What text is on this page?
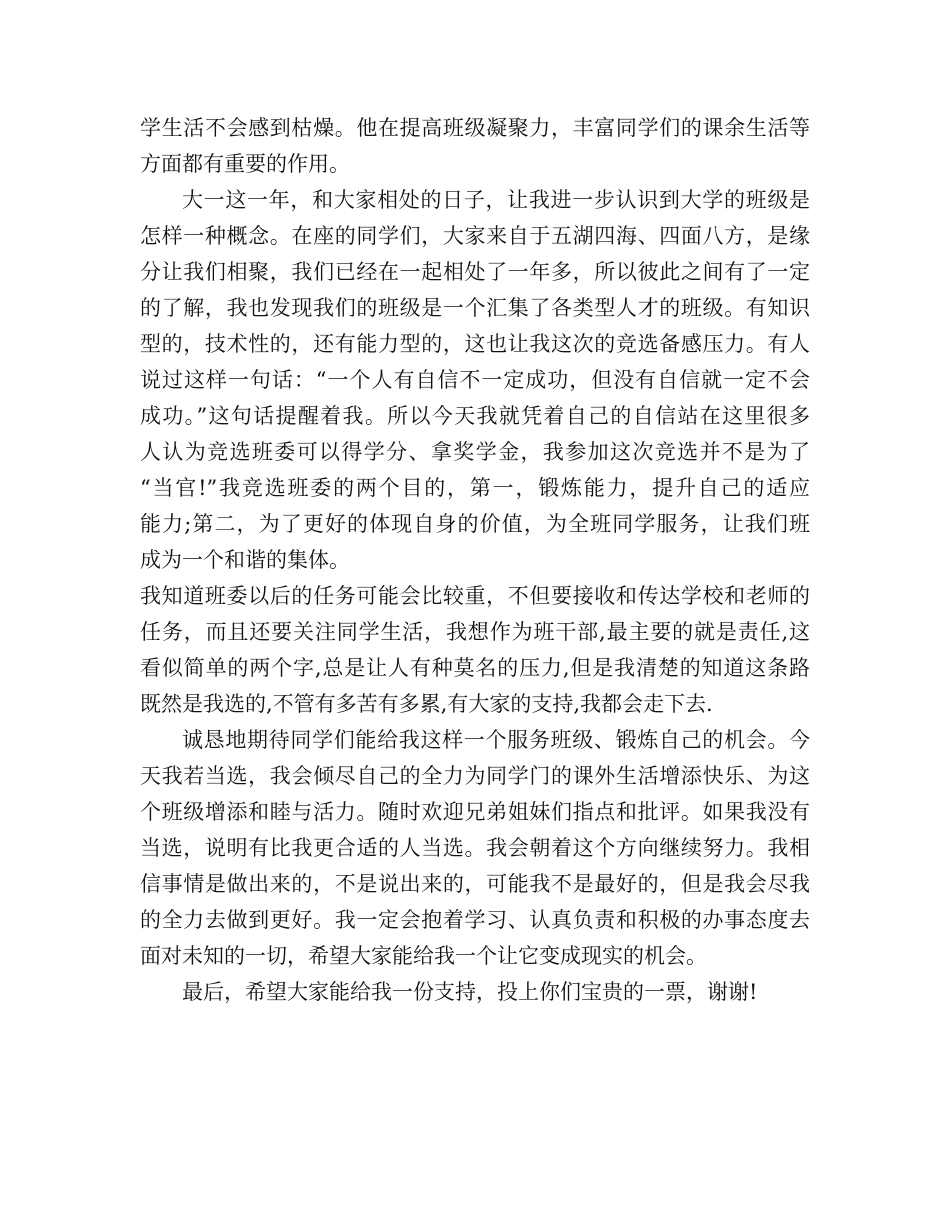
学生活不会感到枯燥。他在提高班级凝聚力，丰富同学们的课余生活等
方面都有重要的作用。
大一这一年，和大家相处的日子，让我进一步认识到大学的班级是
怎样一种概念。在座的同学们，大家来自于五湖四海、四面八方，是缘
分让我们相聚，我们已经在一起相处了一年多，所以彼此之间有了一定
的了解，我也发现我们的班级是一个汇集了各类型人才的班级。有知识
型的，技术性的，还有能力型的，这也让我这次的竞选备感压力。有人
说过这样一句话：“一个人有自信不一定成功，但没有自信就一定不会
成功。”这句话提醒着我。所以今天我就凭着自己的自信站在这里很多
人认为竞选班委可以得学分、拿奖学金，我参加这次竞选并不是为了
“当官!”我竞选班委的两个目的，第一，锻炼能力，提升自己的适应
能力;第二，为了更好的体现自身的价值，为全班同学服务，让我们班
成为一个和谐的集体。
我知道班委以后的任务可能会比较重，不但要接收和传达学校和老师的
任务，而且还要关注同学生活，我想作为班干部,最主要的就是责任,这
看似简单的两个字,总是让人有种莫名的压力,但是我清楚的知道这条路
既然是我选的,不管有多苦有多累,有大家的支持,我都会走下去.
诚恳地期待同学们能给我这样一个服务班级、锻炼自己的机会。今
天我若当选，我会倾尽自己的全力为同学门的课外生活增添快乐、为这
个班级增添和睦与活力。随时欢迎兄弟姐妹们指点和批评。如果我没有
当选，说明有比我更合适的人当选。我会朝着这个方向继续努力。我相
信事情是做出来的，不是说出来的，可能我不是最好的，但是我会尽我
的全力去做到更好。我一定会抱着学习、认真负责和积极的办事态度去
面对未知的一切，希望大家能给我一个让它变成现实的机会。
最后，希望大家能给我一份支持，投上你们宝贵的一票，谢谢!
